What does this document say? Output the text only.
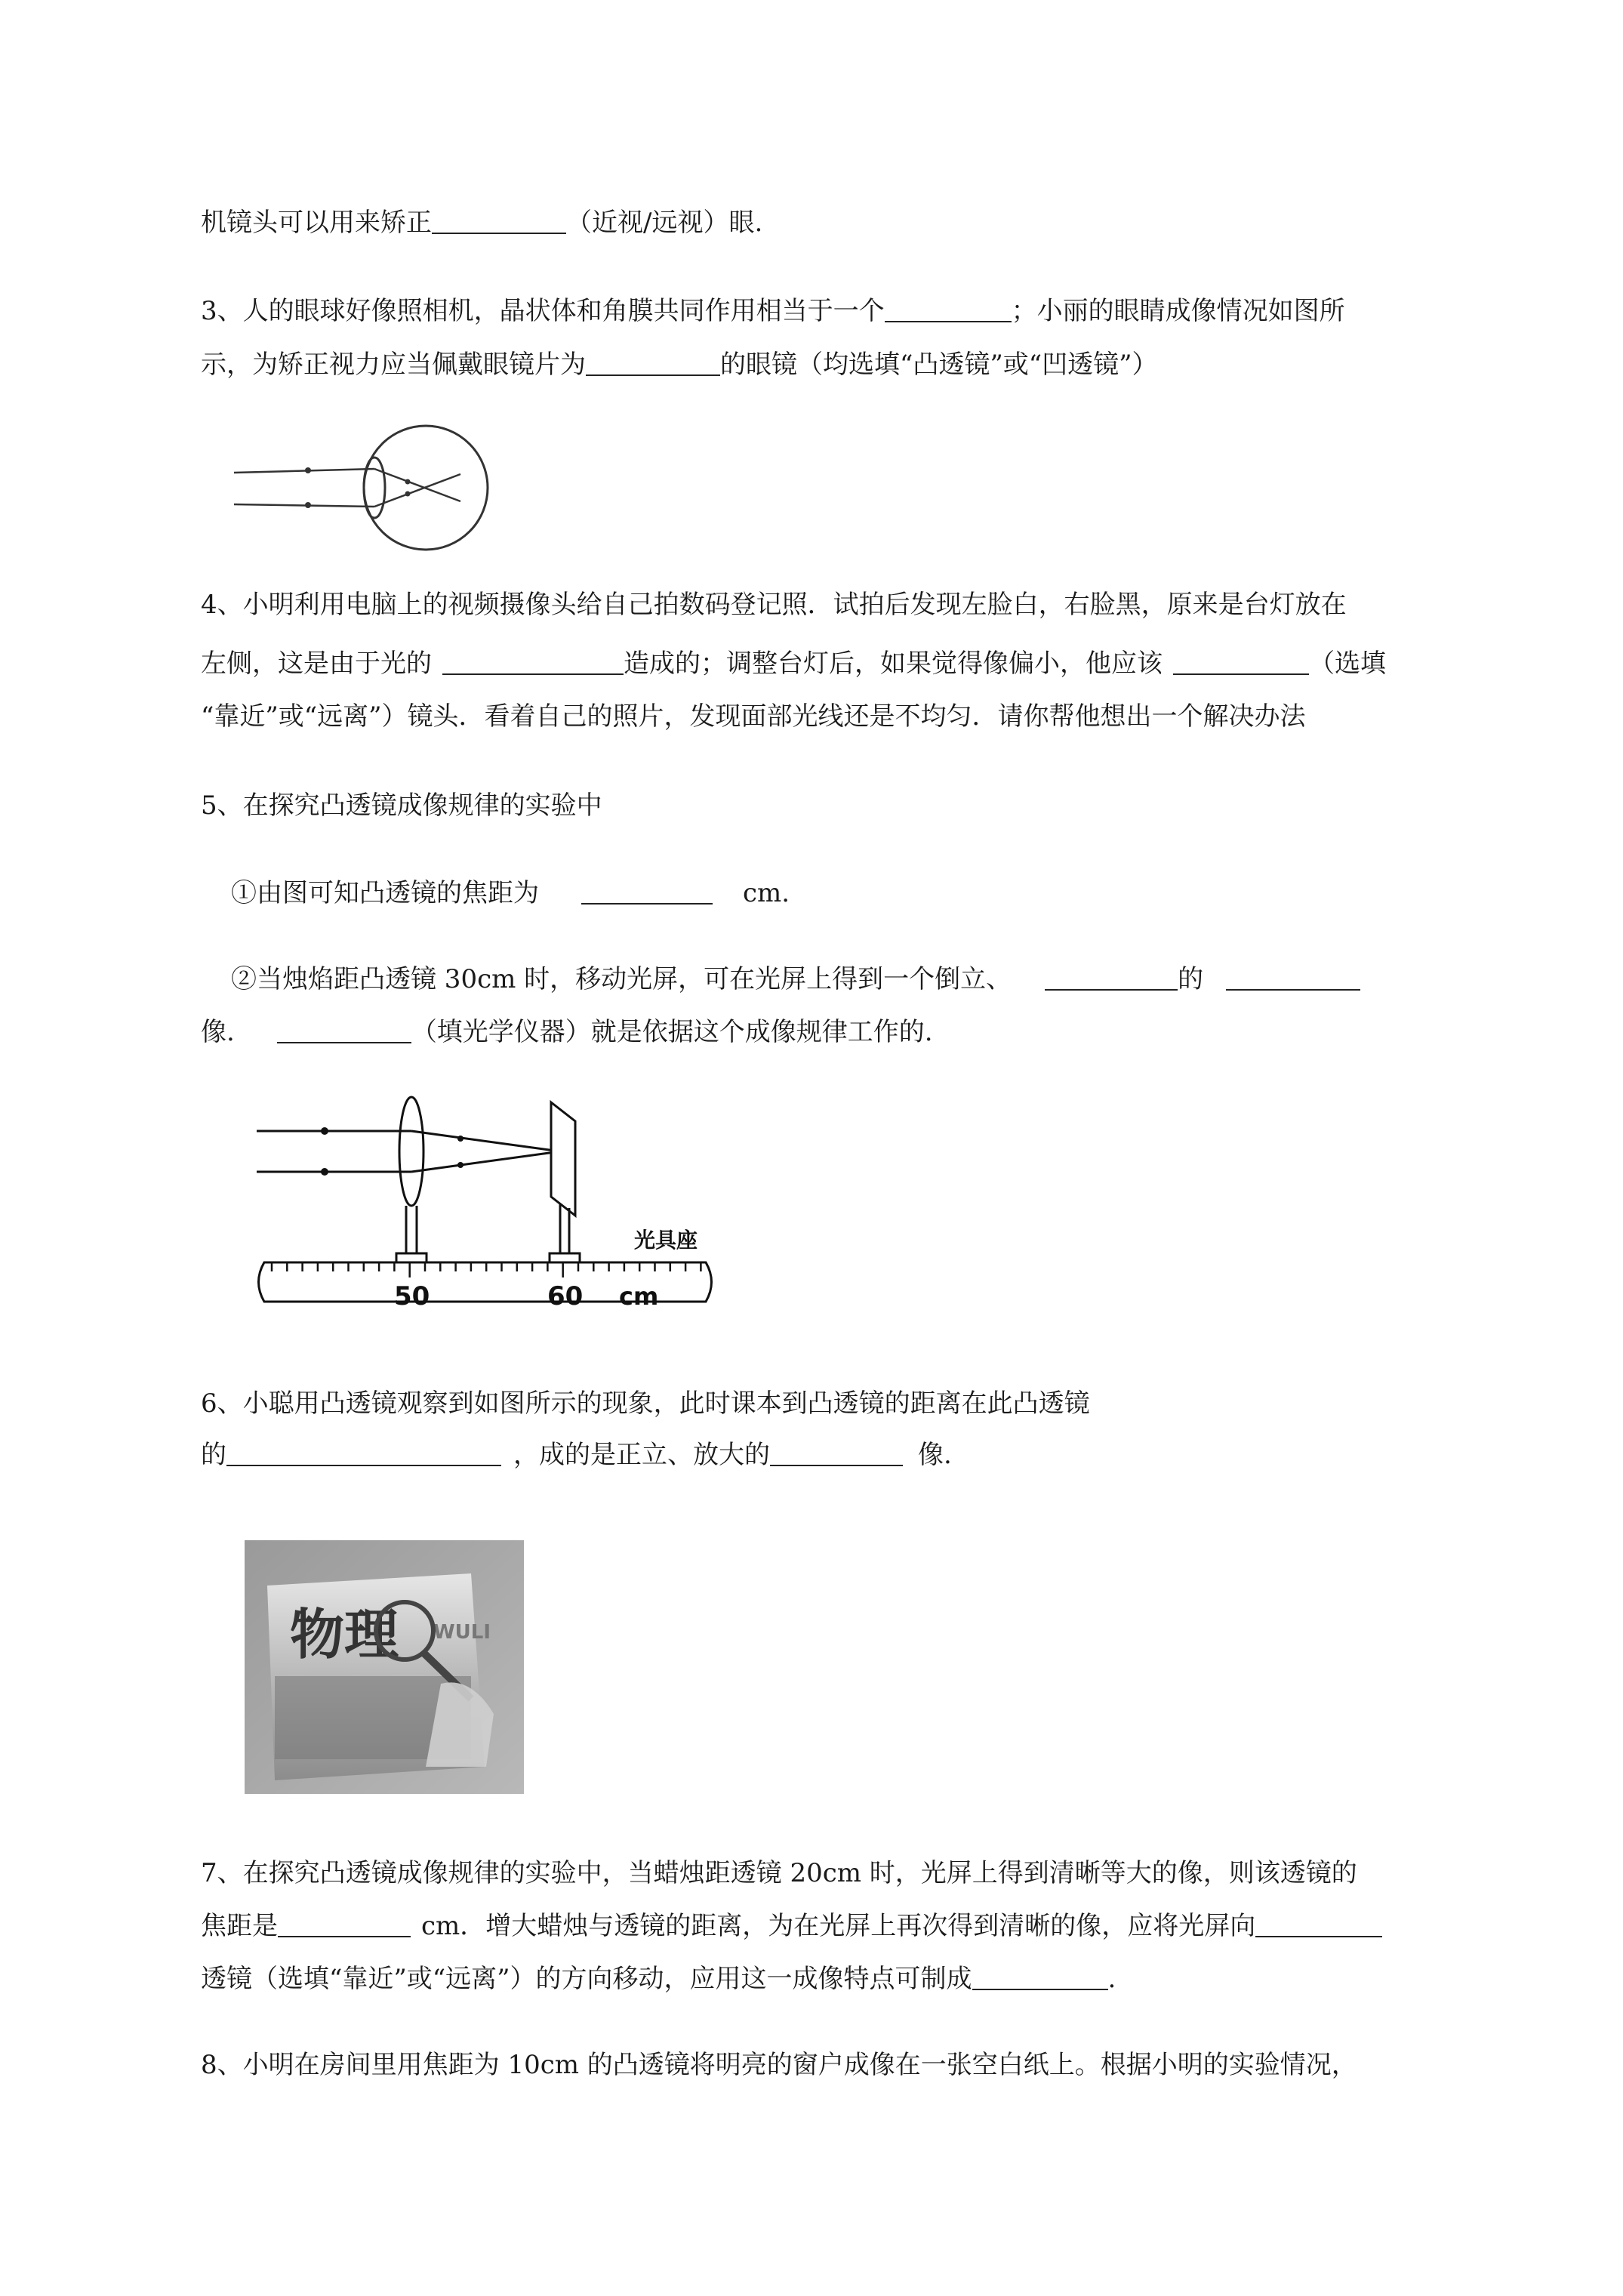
机镜头可以用来矫正	（近视/远视）眼.
3、人的眼球好像照相机，晶状体和角膜共同作用相当于一个	；小丽的眼睛成像情况如图所
示，为矫正视力应当佩戴眼镜片为	的眼镜（均选填“凸透镜”或“凹透镜”）
4、小明利用电脑上的视频摄像头给自己拍数码登记照．试拍后发现左脸白，右脸黑，原来是台灯放在
左侧，这是由于光的	造成的；调整台灯后，如果觉得像偏小，他应该	（选填
“靠近”或“远离”）镜头．看着自己的照片，发现面部光线还是不均匀．请你帮他想出一个解决办法
5、在探究凸透镜成像规律的实验中
①由图可知凸透镜的焦距为	cm.
②当烛焰距凸透镜 30cm 时，移动光屏，可在光屏上得到一个倒立、	的
像.	（填光学仪器）就是依据这个成像规律工作的.
光具座
50	60 cm
6、小聪用凸透镜观察到如图所示的现象，此时课本到凸透镜的距离在此凸透镜
的	，成的是正立、放大的	像.
物理 WULI
7、在探究凸透镜成像规律的实验中，当蜡烛距透镜 20cm 时，光屏上得到清晰等大的像，则该透镜的
焦距是	cm．增大蜡烛与透镜的距离，为在光屏上再次得到清晰的像，应将光屏向
透镜（选填“靠近”或“远离”）的方向移动，应用这一成像特点可制成	.
8、小明在房间里用焦距为 10cm 的凸透镜将明亮的窗户成像在一张空白纸上。根据小明的实验情况，
